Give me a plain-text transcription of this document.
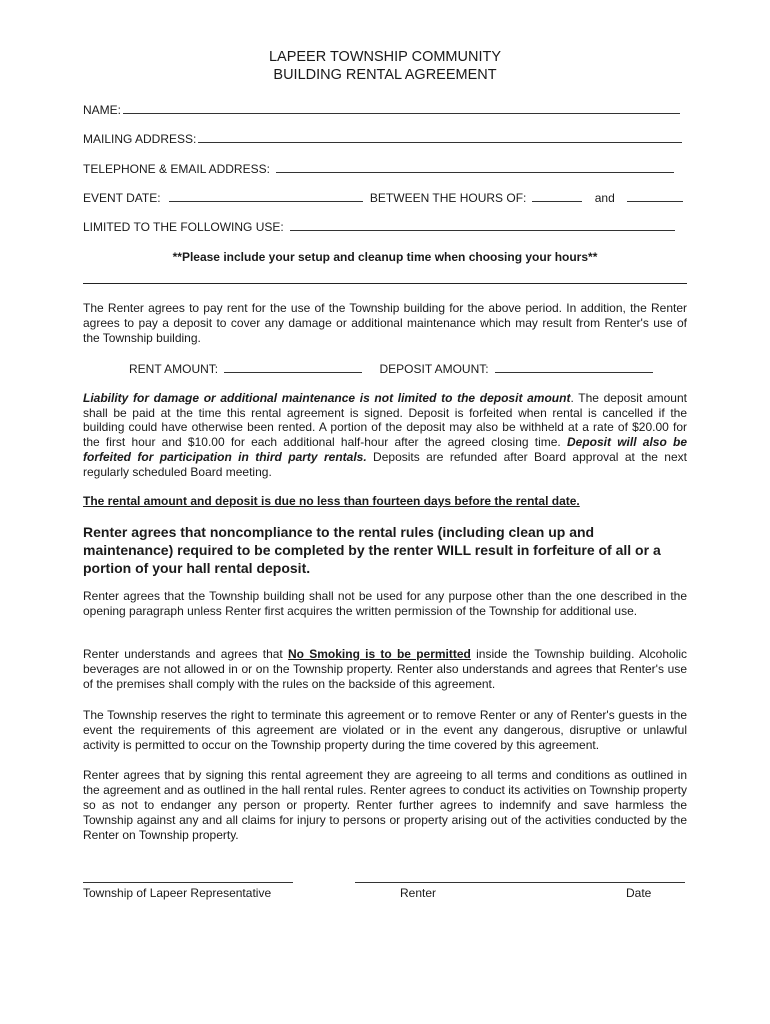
LAPEER TOWNSHIP COMMUNITY
BUILDING RENTAL AGREEMENT
NAME:
MAILING ADDRESS:
TELEPHONE & EMAIL ADDRESS:
EVENT DATE:	BETWEEN THE HOURS OF:	and
LIMITED TO THE FOLLOWING USE:
**Please include your setup and cleanup time when choosing your hours**

The Renter agrees to pay rent for the use of the Township building for the above period. In addition, the Renter agrees to pay a deposit to cover any damage or additional maintenance which may result from Renter's use of the Township building.

RENT AMOUNT:	DEPOSIT AMOUNT:

Liability for damage or additional maintenance is not limited to the deposit amount. The deposit amount shall be paid at the time this rental agreement is signed. Deposit is forfeited when rental is cancelled if the building could have otherwise been rented. A portion of the deposit may also be withheld at a rate of $20.00 for the first hour and $10.00 for each additional half-hour after the agreed closing time. Deposit will also be forfeited for participation in third party rentals. Deposits are refunded after Board approval at the next regularly scheduled Board meeting.

The rental amount and deposit is due no less than fourteen days before the rental date.

Renter agrees that noncompliance to the rental rules (including clean up and maintenance) required to be completed by the renter WILL result in forfeiture of all or a portion of your hall rental deposit.

Renter agrees that the Township building shall not be used for any purpose other than the one described in the opening paragraph unless Renter first acquires the written permission of the Township for additional use.

Renter understands and agrees that No Smoking is to be permitted inside the Township building. Alcoholic beverages are not allowed in or on the Township property. Renter also understands and agrees that Renter's use of the premises shall comply with the rules on the backside of this agreement.

The Township reserves the right to terminate this agreement or to remove Renter or any of Renter's guests in the event the requirements of this agreement are violated or in the event any dangerous, disruptive or unlawful activity is permitted to occur on the Township property during the time covered by this agreement.

Renter agrees that by signing this rental agreement they are agreeing to all terms and conditions as outlined in the agreement and as outlined in the hall rental rules. Renter agrees to conduct its activities on Township property so as not to endanger any person or property. Renter further agrees to indemnify and save harmless the Township against any and all claims for injury to persons or property arising out of the activities conducted by the Renter on Township property.

Township of Lapeer Representative	Renter	Date
